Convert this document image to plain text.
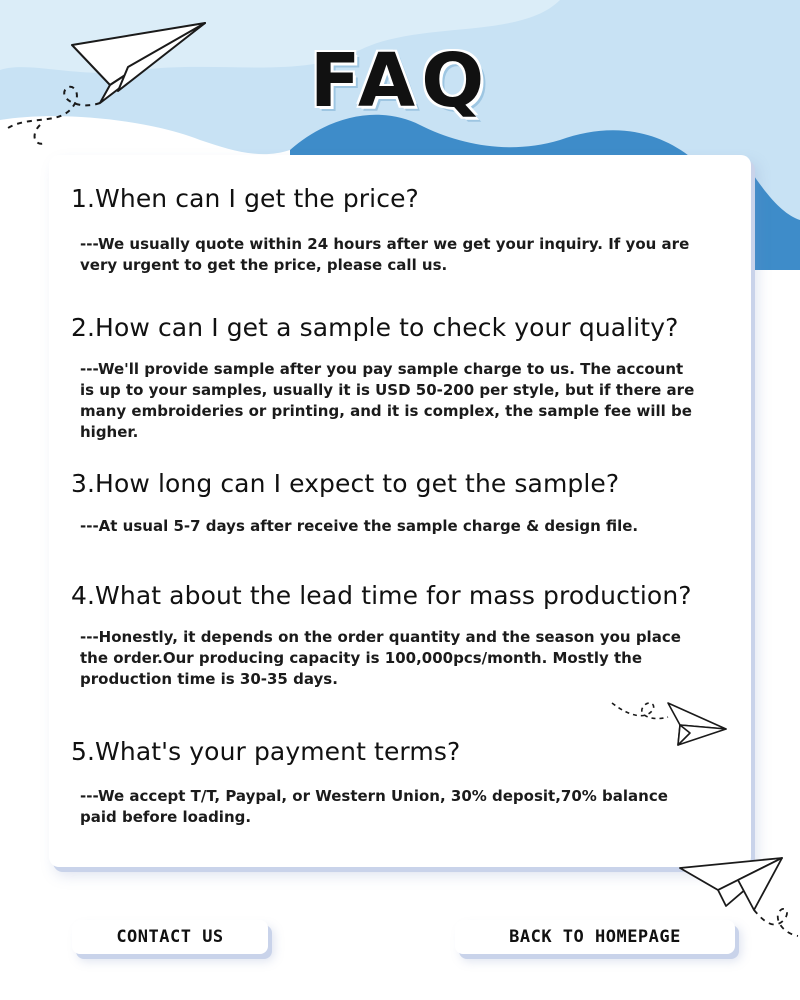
FAQ

1.When can I get the price?

---We usually quote within 24 hours after we get your inquiry. If you are very urgent to get the price, please call us.

2.How can I get a sample to check your quality?

---We'll provide sample after you pay sample charge to us. The account is up to your samples, usually it is USD 50-200 per style, but if there are many embroideries or printing, and it is complex, the sample fee will be higher.

3.How long can I expect to get the sample?

---At usual 5-7 days after receive the sample charge & design file.

4.What about the lead time for mass production?

---Honestly, it depends on the order quantity and the season you place the order.Our producing capacity is 100,000pcs/month. Mostly the production time is 30-35 days.

5.What's your payment terms?

---We accept T/T, Paypal, or Western Union, 30% deposit,70% balance paid before loading.

CONTACT US	BACK TO HOMEPAGE
